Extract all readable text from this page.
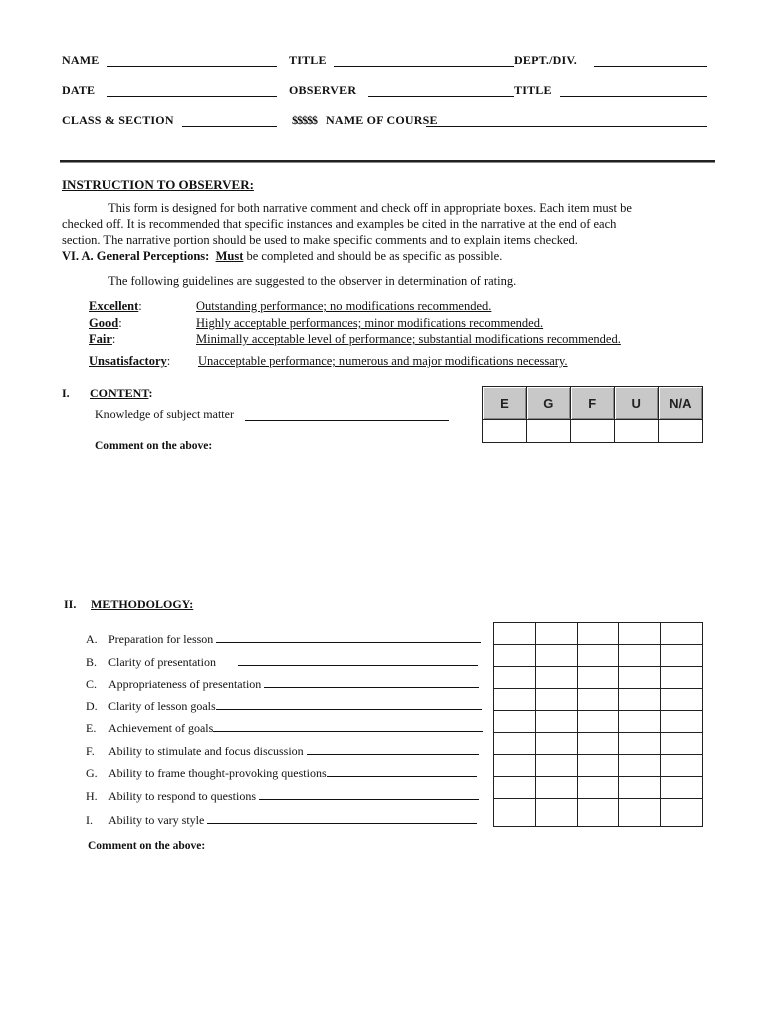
NAME	TITLE	DEPT./DIV.
DATE	OBSERVER	TITLE
CLASS & SECTION	$$$$$ NAME OF COURSE
INSTRUCTION TO OBSERVER:
This form is designed for both narrative comment and check off in appropriate boxes. Each item must be
checked off. It is recommended that specific instances and examples be cited in the narrative at the end of each
section. The narrative portion should be used to make specific comments and to explain items checked.
VI. A. General Perceptions: Must be completed and should be as specific as possible.
The following guidelines are suggested to the observer in determination of rating.
Excellent:	Outstanding performance; no modifications recommended.
Good:	Highly acceptable performances; minor modifications recommended.
Fair:	Minimally acceptable level of performance; substantial modifications recommended.
Unsatisfactory: Unacceptable performance; numerous and major modifications necessary.
I. CONTENT:
Knowledge of subject matter
Comment on the above:
E	G	F	U	N/A

II. METHODOLOGY:
A. Preparation for lesson
B. Clarity of presentation
C. Appropriateness of presentation
D. Clarity of lesson goals
E. Achievement of goals
F. Ability to stimulate and focus discussion
G. Ability to frame thought-provoking questions
H. Ability to respond to questions
I. Ability to vary style

Comment on the above:
